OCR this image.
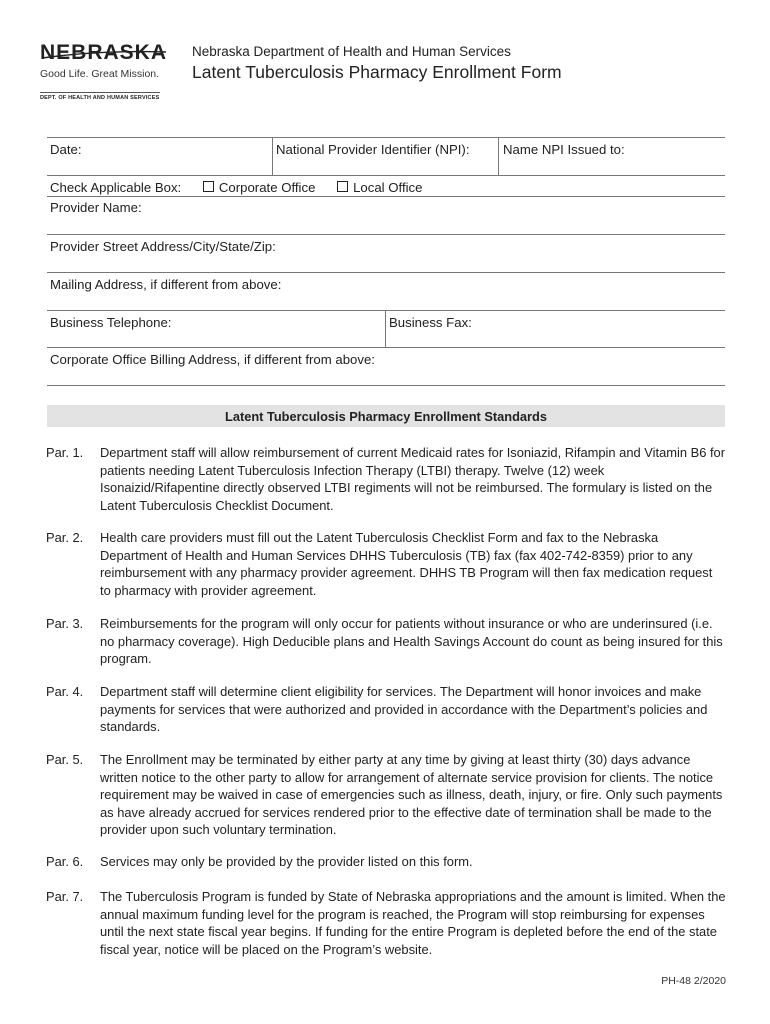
NEBRASKA
Good Life. Great Mission.
DEPT. OF HEALTH AND HUMAN SERVICES
Nebraska Department of Health and Human Services
Latent Tuberculosis Pharmacy Enrollment Form
Date:	National Provider Identifier (NPI):	Name NPI Issued to:
Check Applicable Box:	Corporate Office	Local Office
Provider Name:
Provider Street Address/City/State/Zip:
Mailing Address, if different from above:
Business Telephone:	Business Fax:
Corporate Office Billing Address, if different from above:
Latent Tuberculosis Pharmacy Enrollment Standards
Par. 1. Department staff will allow reimbursement of current Medicaid rates for Isoniazid, Rifampin and Vitamin B6 for patients needing Latent Tuberculosis Infection Therapy (LTBI) therapy. Twelve (12) week Isonaizid/Rifapentine directly observed LTBI regiments will not be reimbursed. The formulary is listed on the Latent Tuberculosis Checklist Document.
Par. 2. Health care providers must fill out the Latent Tuberculosis Checklist Form and fax to the Nebraska Department of Health and Human Services DHHS Tuberculosis (TB) fax (fax 402-742-8359) prior to any reimbursement with any pharmacy provider agreement. DHHS TB Program will then fax medication request to pharmacy with provider agreement.
Par. 3. Reimbursements for the program will only occur for patients without insurance or who are underinsured (i.e. no pharmacy coverage). High Deducible plans and Health Savings Account do count as being insured for this program.
Par. 4. Department staff will determine client eligibility for services. The Department will honor invoices and make payments for services that were authorized and provided in accordance with the Department’s policies and standards.
Par. 5. The Enrollment may be terminated by either party at any time by giving at least thirty (30) days advance written notice to the other party to allow for arrangement of alternate service provision for clients. The notice requirement may be waived in case of emergencies such as illness, death, injury, or fire. Only such payments as have already accrued for services rendered prior to the effective date of termination shall be made to the provider upon such voluntary termination.
Par. 6. Services may only be provided by the provider listed on this form.
Par. 7. The Tuberculosis Program is funded by State of Nebraska appropriations and the amount is limited. When the annual maximum funding level for the program is reached, the Program will stop reimbursing for expenses until the next state fiscal year begins. If funding for the entire Program is depleted before the end of the state fiscal year, notice will be placed on the Program’s website.
PH-48 2/2020
